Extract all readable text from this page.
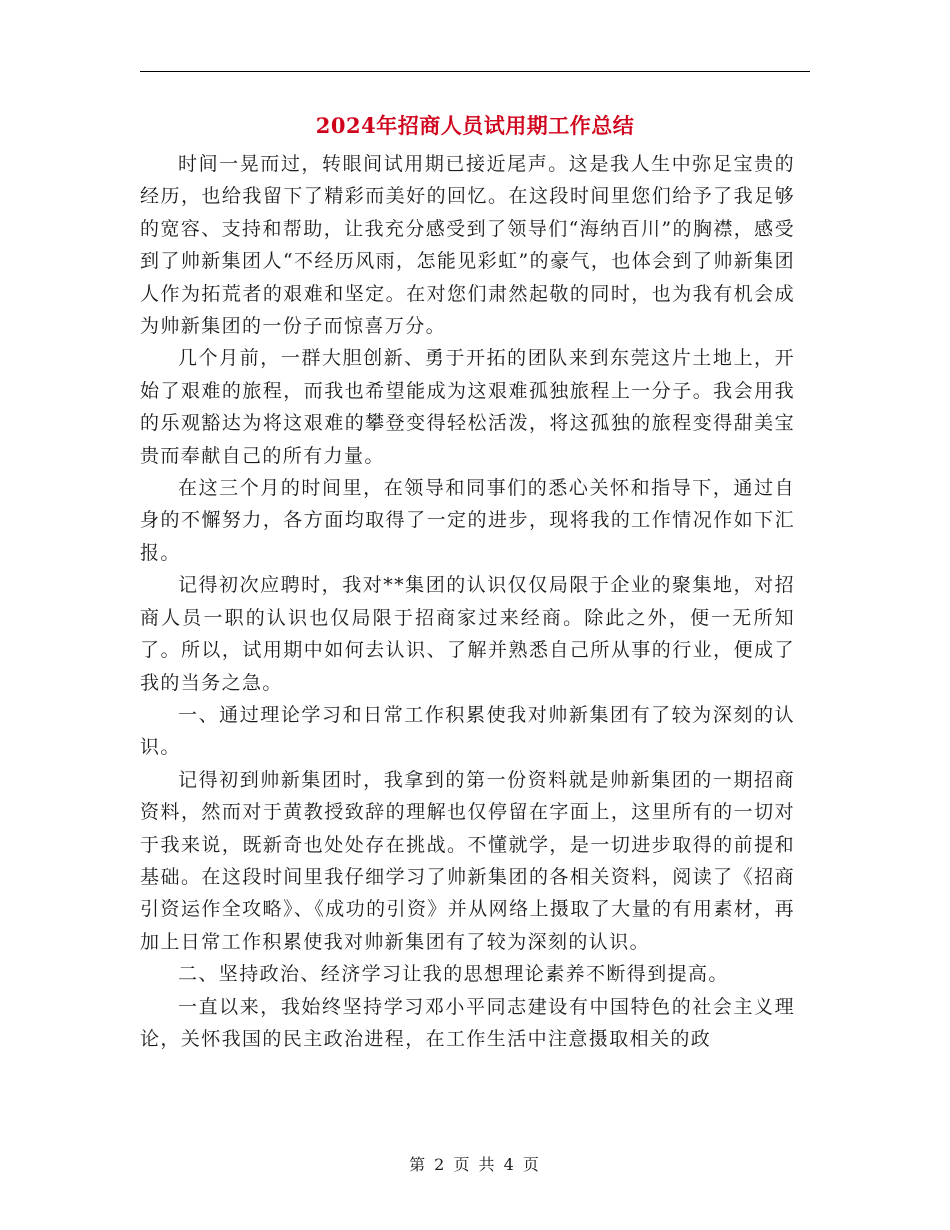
2024年招商人员试用期工作总结

时间一晃而过，转眼间试用期已接近尾声。这是我人生中弥足宝贵的经历，也给我留下了精彩而美好的回忆。在这段时间里您们给予了我足够的宽容、支持和帮助，让我充分感受到了领导们“海纳百川”的胸襟，感受到了帅新集团人“不经历风雨，怎能见彩虹”的豪气，也体会到了帅新集团人作为拓荒者的艰难和坚定。在对您们肃然起敬的同时，也为我有机会成为帅新集团的一份子而惊喜万分。

几个月前，一群大胆创新、勇于开拓的团队来到东莞这片土地上，开始了艰难的旅程，而我也希望能成为这艰难孤独旅程上一分子。我会用我的乐观豁达为将这艰难的攀登变得轻松活泼，将这孤独的旅程变得甜美宝贵而奉献自己的所有力量。

在这三个月的时间里，在领导和同事们的悉心关怀和指导下，通过自身的不懈努力，各方面均取得了一定的进步，现将我的工作情况作如下汇报。

记得初次应聘时，我对**集团的认识仅仅局限于企业的聚集地，对招商人员一职的认识也仅局限于招商家过来经商。除此之外，便一无所知了。所以，试用期中如何去认识、了解并熟悉自己所从事的行业，便成了我的当务之急。

一、通过理论学习和日常工作积累使我对帅新集团有了较为深刻的认识。

记得初到帅新集团时，我拿到的第一份资料就是帅新集团的一期招商资料，然而对于黄教授致辞的理解也仅停留在字面上，这里所有的一切对于我来说，既新奇也处处存在挑战。不懂就学，是一切进步取得的前提和基础。在这段时间里我仔细学习了帅新集团的各相关资料，阅读了《招商引资运作全攻略》、《成功的引资》并从网络上摄取了大量的有用素材，再加上日常工作积累使我对帅新集团有了较为深刻的认识。

二、坚持政治、经济学习让我的思想理论素养不断得到提高。

一直以来，我始终坚持学习邓小平同志建设有中国特色的社会主义理论，关怀我国的民主政治进程，在工作生活中注意摄取相关的政

第 2 页 共 4 页
